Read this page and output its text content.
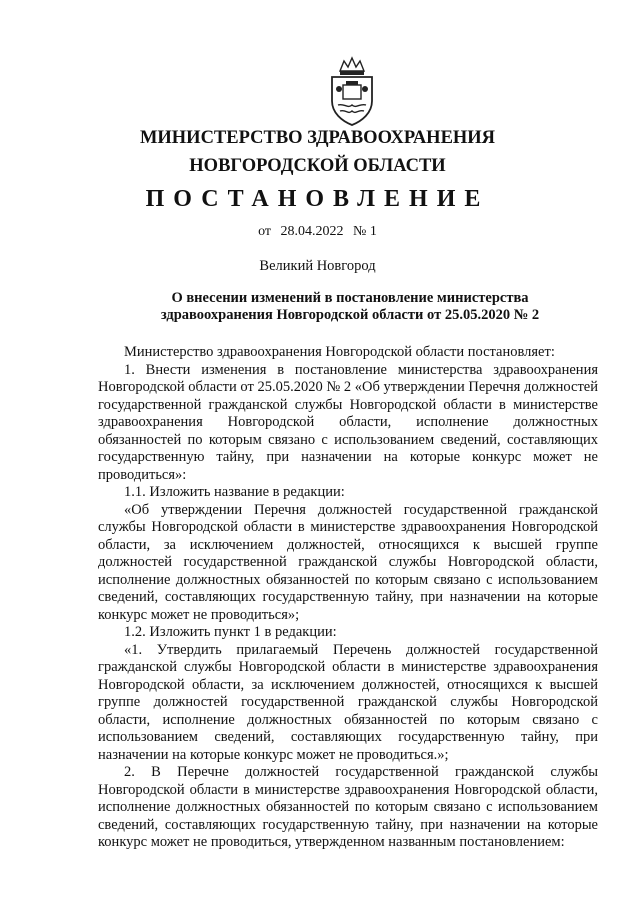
МИНИСТЕРСТВО ЗДРАВООХРАНЕНИЯ
НОВГОРОДСКОЙ ОБЛАСТИ
ПОСТАНОВЛЕНИЕ
от 28.04.2022 № 1
Великий Новгород
О внесении изменений в постановление министерства
здравоохранения Новгородской области от 25.05.2020 № 2

Министерство здравоохранения Новгородской области постановляет:

1. Внести изменения в постановление министерства здравоохранения Новгородской области от 25.05.2020 № 2 «Об утверждении Перечня должностей государственной гражданской службы Новгородской области в министерстве здравоохранения Новгородской области, исполнение должностных обязанностей по которым связано с использованием сведений, составляющих государственную тайну, при назначении на которые конкурс может не проводиться»:

1.1. Изложить название в редакции:

«Об утверждении Перечня должностей государственной гражданской службы Новгородской области в министерстве здравоохранения Новгородской области, за исключением должностей, относящихся к высшей группе должностей государственной гражданской службы Новгородской области, исполнение должностных обязанностей по которым связано с использованием сведений, составляющих государственную тайну, при назначении на которые конкурс может не проводиться»;

1.2. Изложить пункт 1 в редакции:

«1. Утвердить прилагаемый Перечень должностей государственной гражданской службы Новгородской области в министерстве здравоохранения Новгородской области, за исключением должностей, относящихся к высшей группе должностей государственной гражданской службы Новгородской области, исполнение должностных обязанностей по которым связано с использованием сведений, составляющих государственную тайну, при назначении на которые конкурс может не проводиться.»;

2. В Перечне должностей государственной гражданской службы Новгородской области в министерстве здравоохранения Новгородской области, исполнение должностных обязанностей по которым связано с использованием сведений, составляющих государственную тайну, при назначении на которые конкурс может не проводиться, утвержденном названным постановлением:
